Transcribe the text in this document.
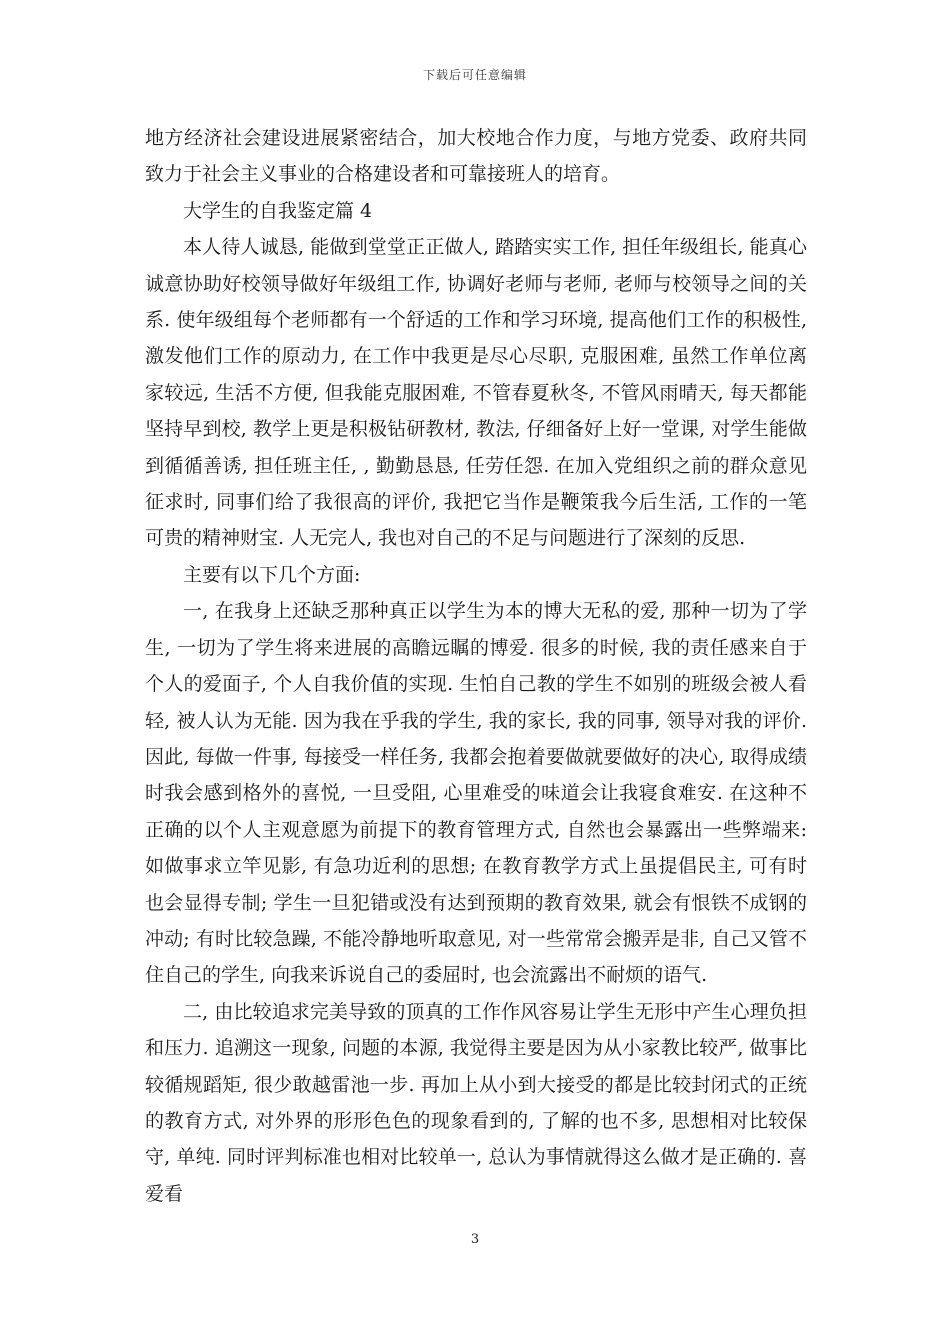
下载后可任意编辑

地方经济社会建设进展紧密结合，加大校地合作力度，与地方党委、政府共同致力于社会主义事业的合格建设者和可靠接班人的培育。

大学生的自我鉴定篇 4

本人待人诚恳, 能做到堂堂正正做人, 踏踏实实工作, 担任年级组长, 能真心诚意协助好校领导做好年级组工作, 协调好老师与老师, 老师与校领导之间的关系. 使年级组每个老师都有一个舒适的工作和学习环境, 提高他们工作的积极性, 激发他们工作的原动力, 在工作中我更是尽心尽职, 克服困难, 虽然工作单位离家较远, 生活不方便, 但我能克服困难, 不管春夏秋冬, 不管风雨晴天, 每天都能坚持早到校, 教学上更是积极钻研教材, 教法, 仔细备好上好一堂课, 对学生能做到循循善诱, 担任班主任, , 勤勤恳恳, 任劳任怨. 在加入党组织之前的群众意见征求时, 同事们给了我很高的评价, 我把它当作是鞭策我今后生活, 工作的一笔可贵的精神财宝. 人无完人, 我也对自己的不足与问题进行了深刻的反思.

主要有以下几个方面:

一, 在我身上还缺乏那种真正以学生为本的博大无私的爱, 那种一切为了学生, 一切为了学生将来进展的高瞻远瞩的博爱. 很多的时候, 我的责任感来自于个人的爱面子, 个人自我价值的实现. 生怕自己教的学生不如别的班级会被人看轻, 被人认为无能. 因为我在乎我的学生, 我的家长, 我的同事, 领导对我的评价. 因此, 每做一件事, 每接受一样任务, 我都会抱着要做就要做好的决心, 取得成绩时我会感到格外的喜悦, 一旦受阻, 心里难受的味道会让我寝食难安. 在这种不正确的以个人主观意愿为前提下的教育管理方式, 自然也会暴露出一些弊端来: 如做事求立竿见影, 有急功近利的思想; 在教育教学方式上虽提倡民主, 可有时也会显得专制; 学生一旦犯错或没有达到预期的教育效果, 就会有恨铁不成钢的冲动; 有时比较急躁, 不能冷静地听取意见, 对一些常常会搬弄是非, 自己又管不住自己的学生, 向我来诉说自己的委屈时, 也会流露出不耐烦的语气.

二, 由比较追求完美导致的顶真的工作作风容易让学生无形中产生心理负担和压力. 追溯这一现象, 问题的本源, 我觉得主要是因为从小家教比较严, 做事比较循规蹈矩, 很少敢越雷池一步. 再加上从小到大接受的都是比较封闭式的正统的教育方式, 对外界的形形色色的现象看到的, 了解的也不多, 思想相对比较保守, 单纯. 同时评判标准也相对比较单一, 总认为事情就得这么做才是正确的. 喜爱看

3
